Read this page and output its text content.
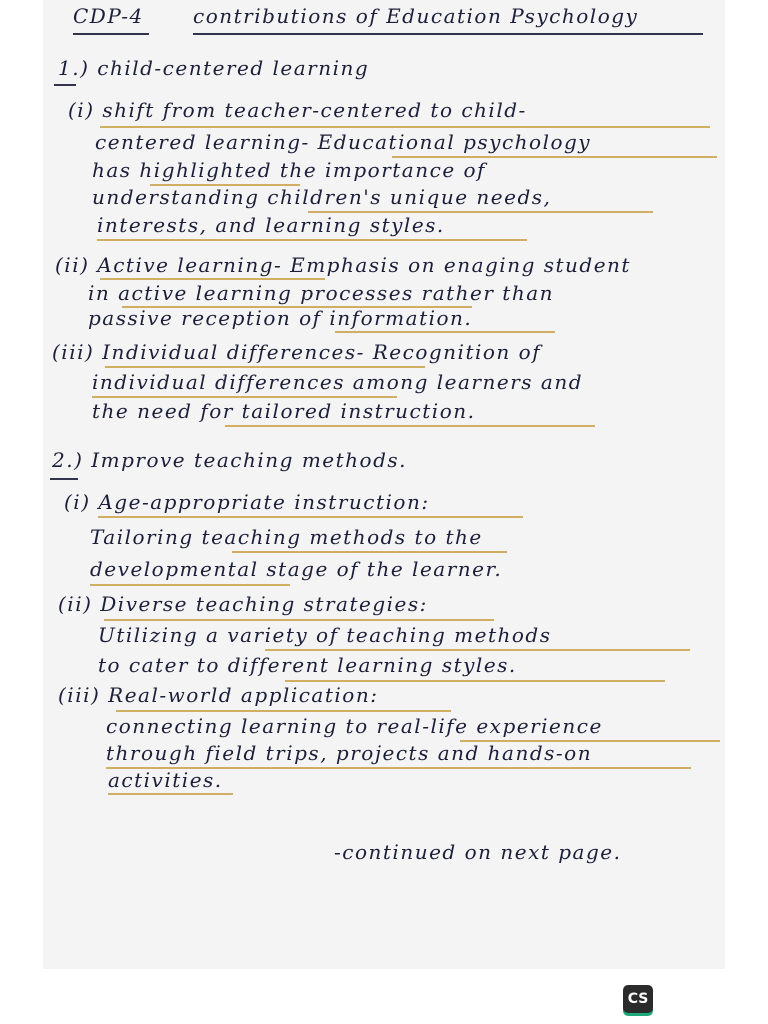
CDP-4 contributions of Education Psychology
1.) child-centered learning
(i) shift from teacher-centered to child-
centered learning- Educational psychology
has highlighted the importance of
understanding children's unique needs,
interests, and learning styles.
(ii) Active learning- Emphasis on enaging student
in active learning processes rather than
passive reception of information.
(iii) Individual differences- Recognition of
individual differences among learners and
the need for tailored instruction.
2.) Improve teaching methods.
(i) Age-appropriate instruction:
Tailoring teaching methods to the
developmental stage of the learner.
(ii) Diverse teaching strategies:
Utilizing a variety of teaching methods
to cater to different learning styles.
(iii) Real-world application:
connecting learning to real-life experience
through field trips, projects and hands-on
activities.
-continued on next page.
CS
